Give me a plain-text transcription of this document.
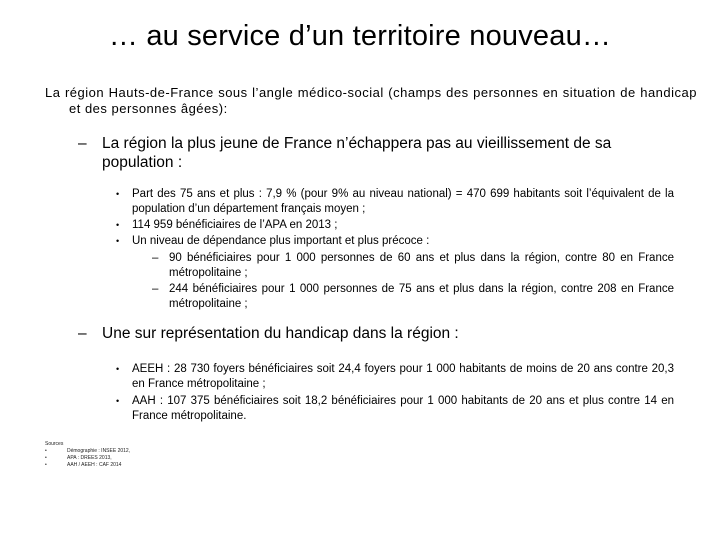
… au service d’un territoire nouveau…
La région Hauts-de-France sous l’angle médico-social (champs des personnes en situation de handicap et des personnes âgées):
– La région la plus jeune de France n’échappera pas au vieillissement de sa population :
• Part des 75 ans et plus : 7,9 % (pour 9% au niveau national) = 470 699 habitants soit l’équivalent de la population d’un département français moyen ;
• 114 959 bénéficiaires de l’APA en 2013 ;
• Un niveau de dépendance plus important et plus précoce :
– 90 bénéficiaires pour 1 000 personnes de 60 ans et plus dans la région, contre 80 en France métropolitaine ;
– 244 bénéficiaires pour 1 000 personnes de 75 ans et plus dans la région, contre 208 en France métropolitaine ;
– Une sur représentation du handicap dans la région :
• AEEH : 28 730 foyers bénéficiaires soit 24,4 foyers pour 1 000 habitants de moins de 20 ans contre 20,3 en France métropolitaine ;
• AAH : 107 375 bénéficiaires soit 18,2 bénéficiaires pour 1 000 habitants de 20 ans et plus contre 14 en France métropolitaine.
Sources
•	Démographie : INSEE 2012,
•	APA : DREES 2013,
•	AAH / AEEH : CAF 2014
